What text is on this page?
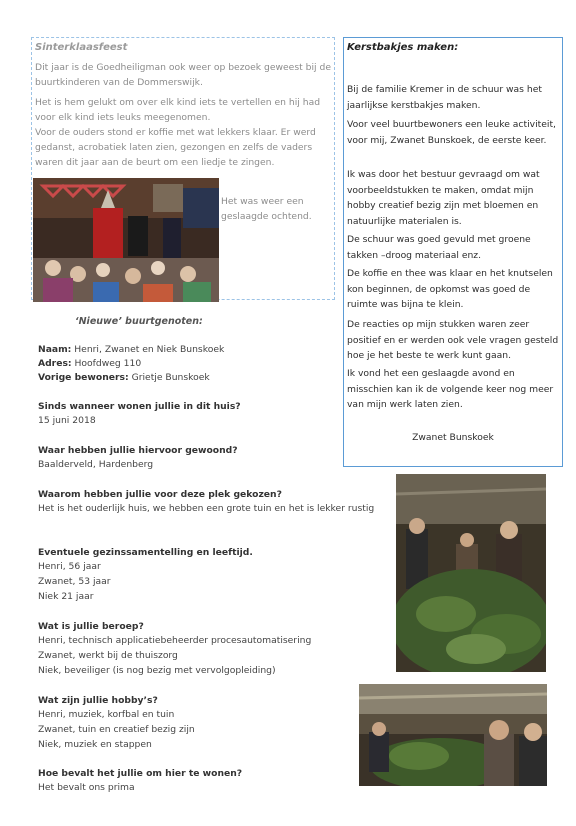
Sinterklaasfeest

Dit jaar is de Goedheiligman ook weer op bezoek geweest bij de buurtkinderen van de Dommerswijk.

Het is hem gelukt om over elk kind iets te vertellen en hij had voor elk kind iets leuks meegenomen.

Voor de ouders stond er koffie met wat lekkers klaar. Er werd gedanst, acrobatiek laten zien, gezongen en zelfs de vaders waren dit jaar aan de beurt om een liedje te zingen.

Het was weer een geslaagde ochtend.
Kerstbakjes maken:

Bij de familie Kremer in de schuur was het jaarlijkse kerstbakjes maken.

Voor veel buurtbewoners een leuke activiteit, voor mij, Zwanet Bunskoek, de eerste keer.

Ik was door het bestuur gevraagd om wat voorbeeldstukken te maken, omdat mijn hobby creatief bezig zijn met bloemen en natuurlijke materialen is.

De schuur was goed gevuld met groene takken –droog materiaal enz.

De koffie en thee was klaar en het knutselen kon beginnen, de opkomst was goed de ruimte was bijna te klein.

De reacties op mijn stukken waren zeer positief en er werden ook vele vragen gesteld hoe je het beste te werk kunt gaan.

Ik vond het een geslaagde avond en misschien kan ik de volgende keer nog meer van mijn werk laten zien.

Zwanet Bunskoek
‘Nieuwe’ buurtgenoten:
Naam: Henri, Zwanet en Niek Bunskoek
Adres: Hoofdweg 110
Vorige bewoners: Grietje Bunskoek
Sinds wanneer wonen jullie in dit huis?
15 juni 2018
Waar hebben jullie hiervoor gewoond?
Baalderveld, Hardenberg
Waarom hebben jullie voor deze plek gekozen?
Het is het ouderlijk huis, we hebben een grote tuin en het is lekker rustig
Eventuele gezinssamentelling en leeftijd.
Henri, 56 jaar
Zwanet, 53 jaar
Niek 21 jaar
Wat is jullie beroep?
Henri, technisch applicatiebeheerder procesautomatisering
Zwanet, werkt bij de thuiszorg
Niek, beveiliger (is nog bezig met vervolgopleiding)
Wat zijn jullie hobby’s?
Henri, muziek, korfbal en tuin
Zwanet, tuin en creatief bezig zijn
Niek, muziek en stappen
Hoe bevalt het jullie om hier te wonen?
Het bevalt ons prima
